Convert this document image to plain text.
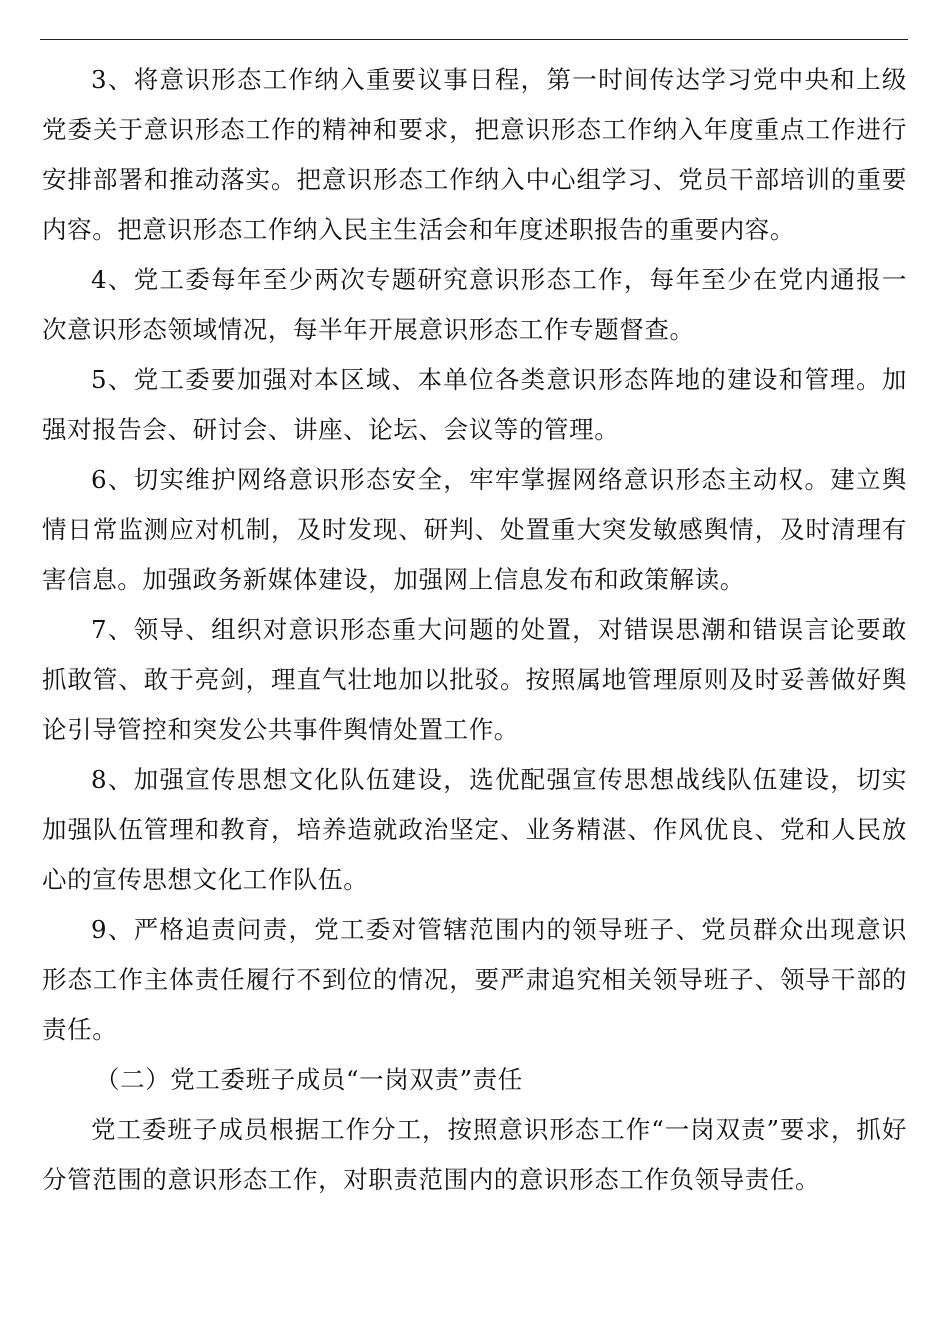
3、将意识形态工作纳入重要议事日程，第一时间传达学习党中央和上级党委关于意识形态工作的精神和要求，把意识形态工作纳入年度重点工作进行安排部署和推动落实。把意识形态工作纳入中心组学习、党员干部培训的重要内容。把意识形态工作纳入民主生活会和年度述职报告的重要内容。

4、党工委每年至少两次专题研究意识形态工作，每年至少在党内通报一次意识形态领域情况，每半年开展意识形态工作专题督查。

5、党工委要加强对本区域、本单位各类意识形态阵地的建设和管理。加强对报告会、研讨会、讲座、论坛、会议等的管理。

6、切实维护网络意识形态安全，牢牢掌握网络意识形态主动权。建立舆情日常监测应对机制，及时发现、研判、处置重大突发敏感舆情，及时清理有害信息。加强政务新媒体建设，加强网上信息发布和政策解读。

7、领导、组织对意识形态重大问题的处置，对错误思潮和错误言论要敢抓敢管、敢于亮剑，理直气壮地加以批驳。按照属地管理原则及时妥善做好舆论引导管控和突发公共事件舆情处置工作。

8、加强宣传思想文化队伍建设，选优配强宣传思想战线队伍建设，切实加强队伍管理和教育，培养造就政治坚定、业务精湛、作风优良、党和人民放心的宣传思想文化工作队伍。

9、严格追责问责，党工委对管辖范围内的领导班子、党员群众出现意识形态工作主体责任履行不到位的情况，要严肃追究相关领导班子、领导干部的责任。

（二）党工委班子成员“一岗双责”责任

党工委班子成员根据工作分工，按照意识形态工作“一岗双责”要求，抓好分管范围的意识形态工作，对职责范围内的意识形态工作负领导责任。
